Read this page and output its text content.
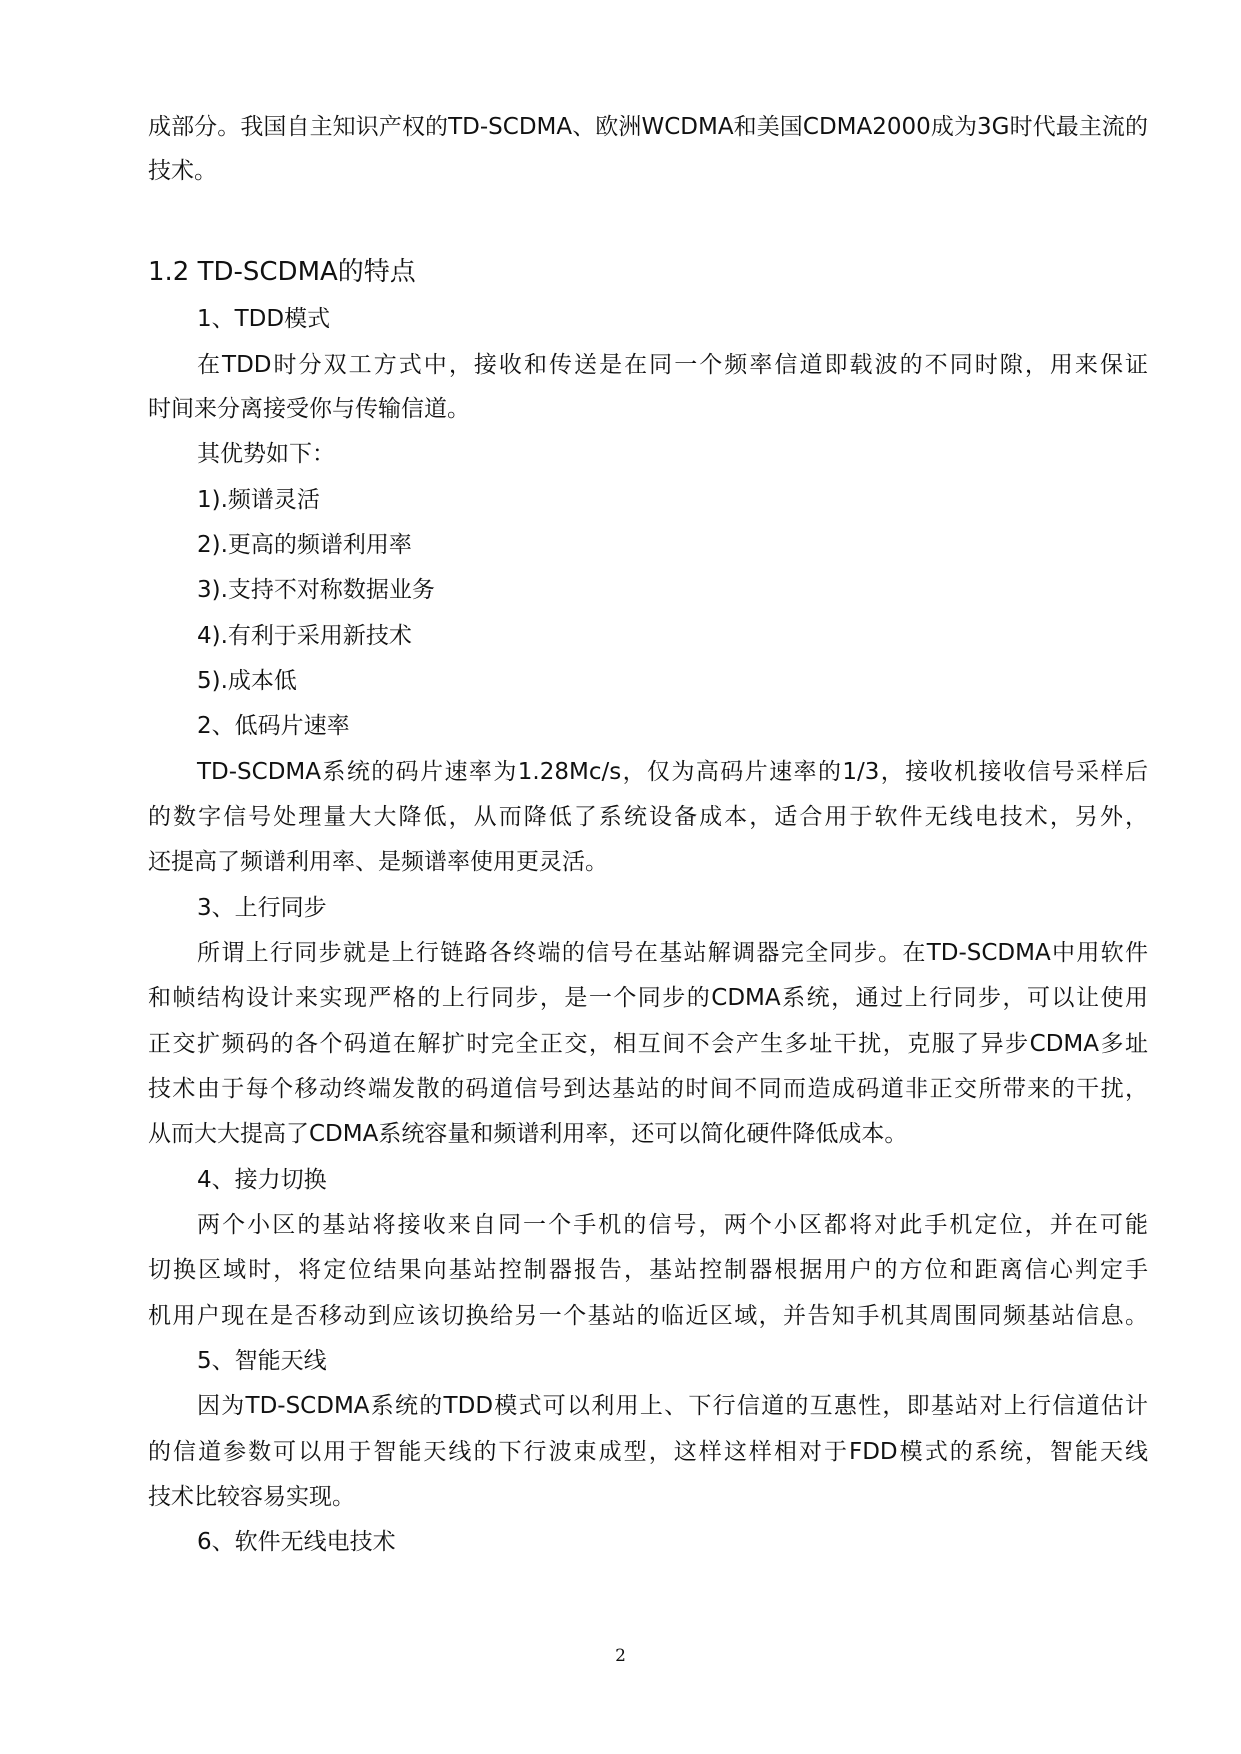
成部分。我国自主知识产权的TD-SCDMA、欧洲WCDMA和美国CDMA2000成为3G时代最主流的
技术。
1.2 TD-SCDMA的特点
1、TDD模式
在TDD时分双工方式中，接收和传送是在同一个频率信道即载波的不同时隙，用来保证
时间来分离接受你与传输信道。
其优势如下：
1).频谱灵活
2).更高的频谱利用率
3).支持不对称数据业务
4).有利于采用新技术
5).成本低
2、低码片速率
TD-SCDMA系统的码片速率为1.28Mc/s，仅为高码片速率的1/3，接收机接收信号采样后
的数字信号处理量大大降低，从而降低了系统设备成本，适合用于软件无线电技术，另外，
还提高了频谱利用率、是频谱率使用更灵活。
3、上行同步
所谓上行同步就是上行链路各终端的信号在基站解调器完全同步。在TD-SCDMA中用软件
和帧结构设计来实现严格的上行同步，是一个同步的CDMA系统，通过上行同步，可以让使用
正交扩频码的各个码道在解扩时完全正交，相互间不会产生多址干扰，克服了异步CDMA多址
技术由于每个移动终端发散的码道信号到达基站的时间不同而造成码道非正交所带来的干扰，
从而大大提高了CDMA系统容量和频谱利用率，还可以简化硬件降低成本。
4、接力切换
两个小区的基站将接收来自同一个手机的信号，两个小区都将对此手机定位，并在可能
切换区域时，将定位结果向基站控制器报告，基站控制器根据用户的方位和距离信心判定手
机用户现在是否移动到应该切换给另一个基站的临近区域，并告知手机其周围同频基站信息。
5、智能天线
因为TD-SCDMA系统的TDD模式可以利用上、下行信道的互惠性，即基站对上行信道估计
的信道参数可以用于智能天线的下行波束成型，这样这样相对于FDD模式的系统，智能天线
技术比较容易实现。
6、软件无线电技术
2
